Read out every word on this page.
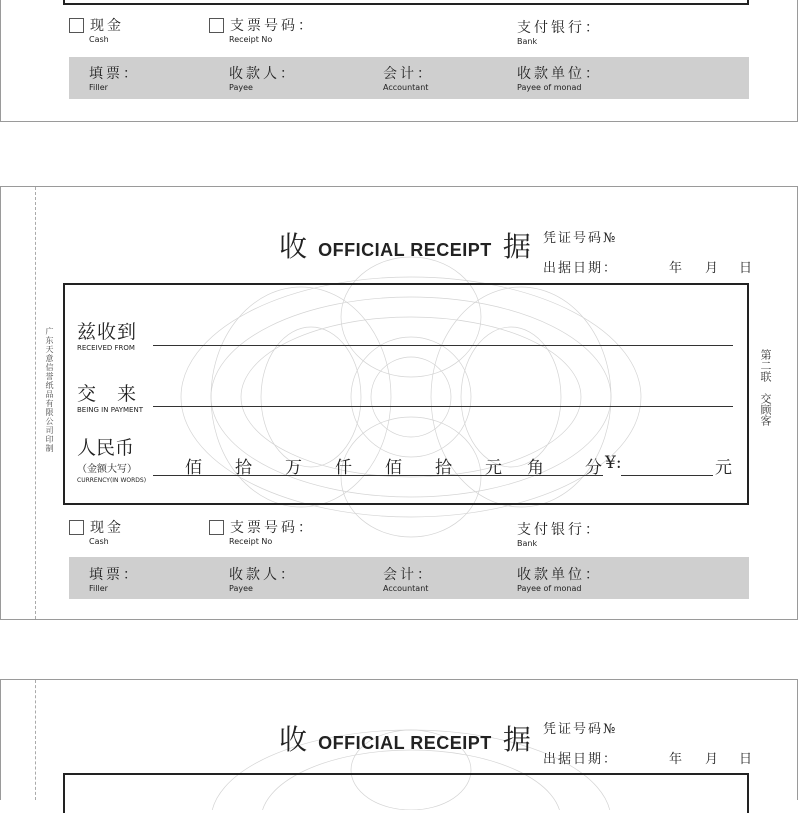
现金
Cash
支票号码：
Receipt No
支付银行：
Bank
填票：
Filler
收款人：
Payee
会计：
Accountant
收款单位：
Payee of monad
收 OFFICIAL RECEIPT 据 凭证号码№
出据日期：	年 月 日
广东天意信誉纸品有限公司印制	第二联　交顾客
兹收到
RECEIVED FROM
交　来
BEING IN PAYMENT
人民币
（金额大写）
CURRENCY(IN WORDS)
佰 拾 万 仟 佰 拾 元 角 分 ¥:	元
现金
Cash
支票号码：
Receipt No
支付银行：
Bank
填票：
Filler
收款人：
Payee
会计：
Accountant
收款单位：
Payee of monad
收 OFFICIAL RECEIPT 据 凭证号码№
出据日期：	年 月 日
